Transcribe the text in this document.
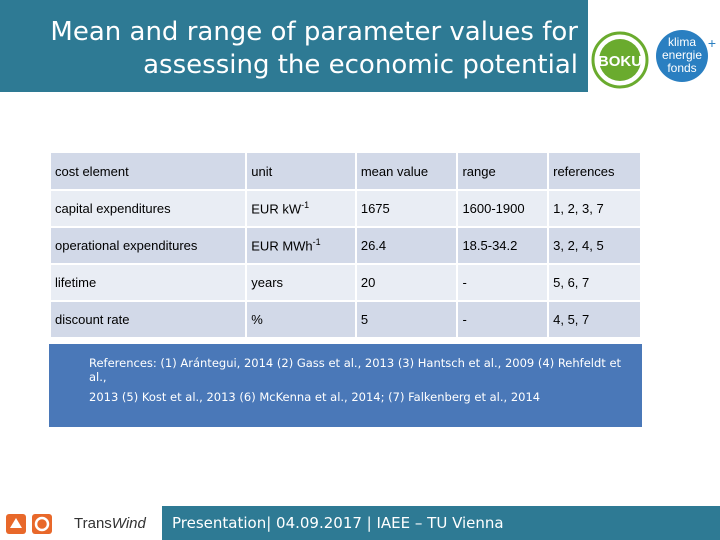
Mean and range of parameter values for
assessing the economic potential BOKU
klima
energie
fonds
+
cost element	unit	mean value	range	references
capital expenditures	EUR $kW^{-1}$	1675	1600-1900	1, 2, 3, 7
operational expenditures	EUR MWh$^{-1}$	26.4	18.5-34.2	3, 2, 4, 5
lifetime	years	20	-	5, 6, 7
discount rate	%	5	-	4, 5, 7
References: (1) Arántegui, 2014 (2) Gass et al., 2013 (3) Hantsch et al., 2009 (4) Rehfeldt et al.,
2013 (5) Kost et al., 2013 (6) McKenna et al., 2014; (7) Falkenberg et al., 2014
TransWind Presentation| 04.09.2017 | IAEE – TU Vienna
